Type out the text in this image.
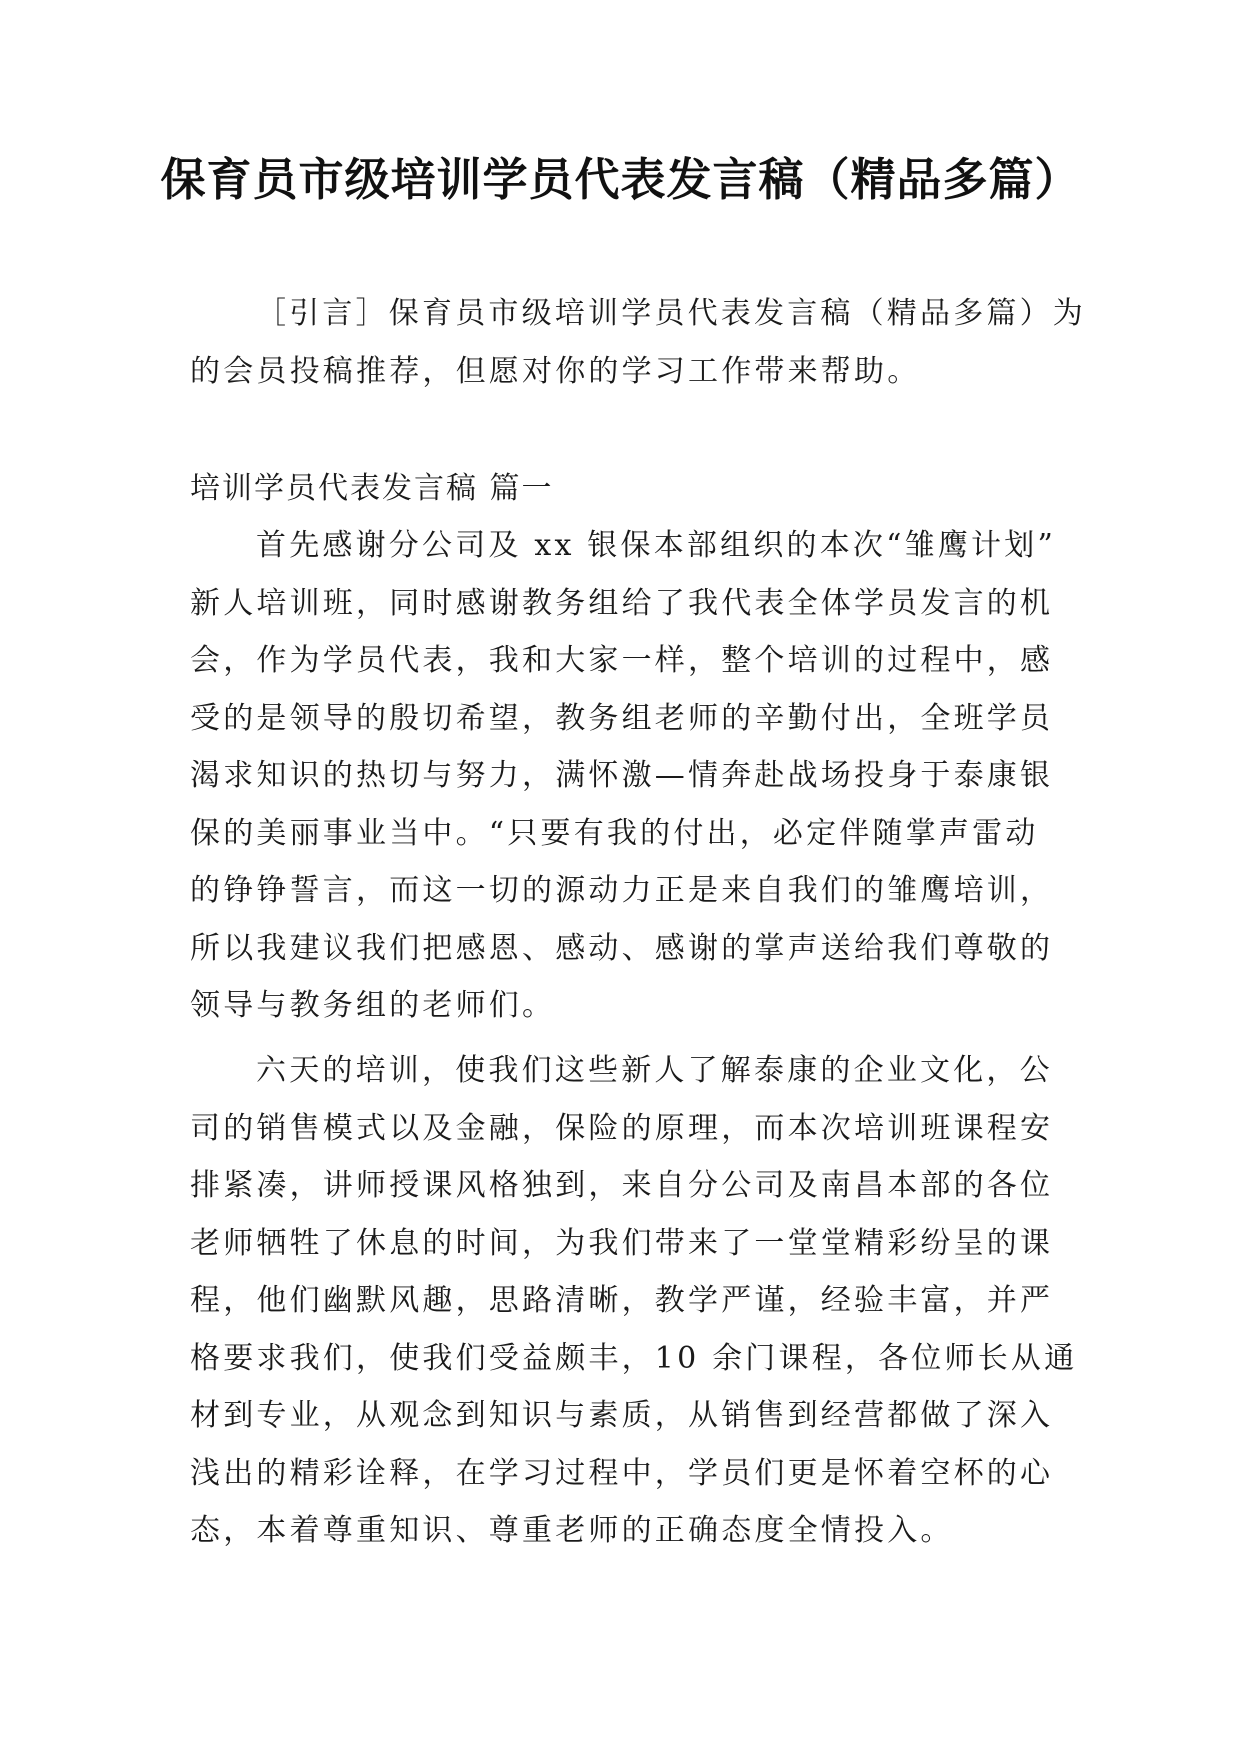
保育员市级培训学员代表发言稿（精品多篇）
［引言］保育员市级培训学员代表发言稿（精品多篇）为
的会员投稿推荐，但愿对你的学习工作带来帮助。
培训学员代表发言稿 篇一
首先感谢分公司及 xx 银保本部组织的本次“雏鹰计划”
新人培训班，同时感谢教务组给了我代表全体学员发言的机
会，作为学员代表，我和大家一样，整个培训的过程中，感
受的是领导的殷切希望，教务组老师的辛勤付出，全班学员
渴求知识的热切与努力，满怀激—情奔赴战场投身于泰康银
保的美丽事业当中。“只要有我的付出，必定伴随掌声雷动
的铮铮誓言，而这一切的源动力正是来自我们的雏鹰培训，
所以我建议我们把感恩、感动、感谢的掌声送给我们尊敬的
领导与教务组的老师们。
六天的培训，使我们这些新人了解泰康的企业文化，公
司的销售模式以及金融，保险的原理，而本次培训班课程安
排紧凑，讲师授课风格独到，来自分公司及南昌本部的各位
老师牺牲了休息的时间，为我们带来了一堂堂精彩纷呈的课
程，他们幽默风趣，思路清晰，教学严谨，经验丰富，并严
格要求我们，使我们受益颇丰，10 余门课程，各位师长从通
材到专业，从观念到知识与素质，从销售到经营都做了深入
浅出的精彩诠释，在学习过程中，学员们更是怀着空杯的心
态，本着尊重知识、尊重老师的正确态度全情投入。
